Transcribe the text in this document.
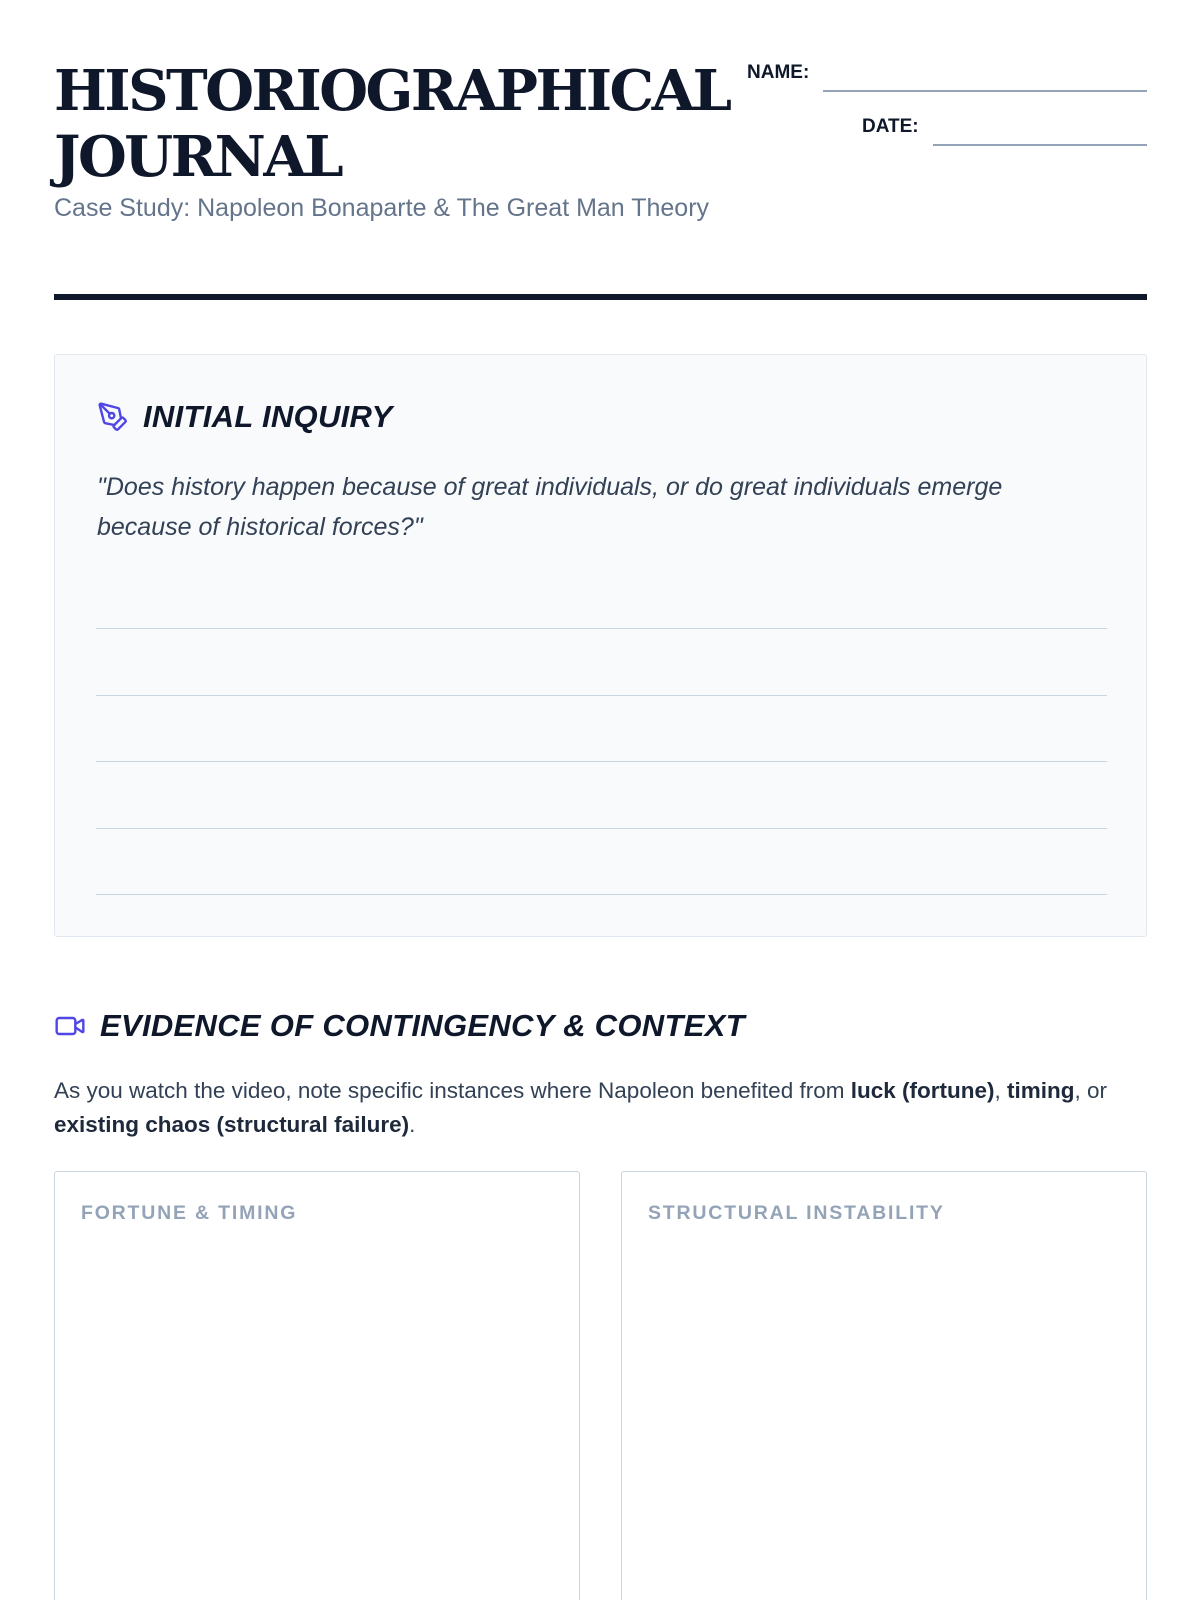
HISTORIOGRAPHICAL
JOURNAL
Case Study: Napoleon Bonaparte & The Great Man Theory
NAME:
DATE:
INITIAL INQUIRY

"Does history happen because of great individuals, or do great individuals emerge because of historical forces?"

EVIDENCE OF CONTINGENCY & CONTEXT

As you watch the video, note specific instances where Napoleon benefited from luck (fortune), timing, or existing chaos (structural failure).

FORTUNE & TIMING	STRUCTURAL INSTABILITY
